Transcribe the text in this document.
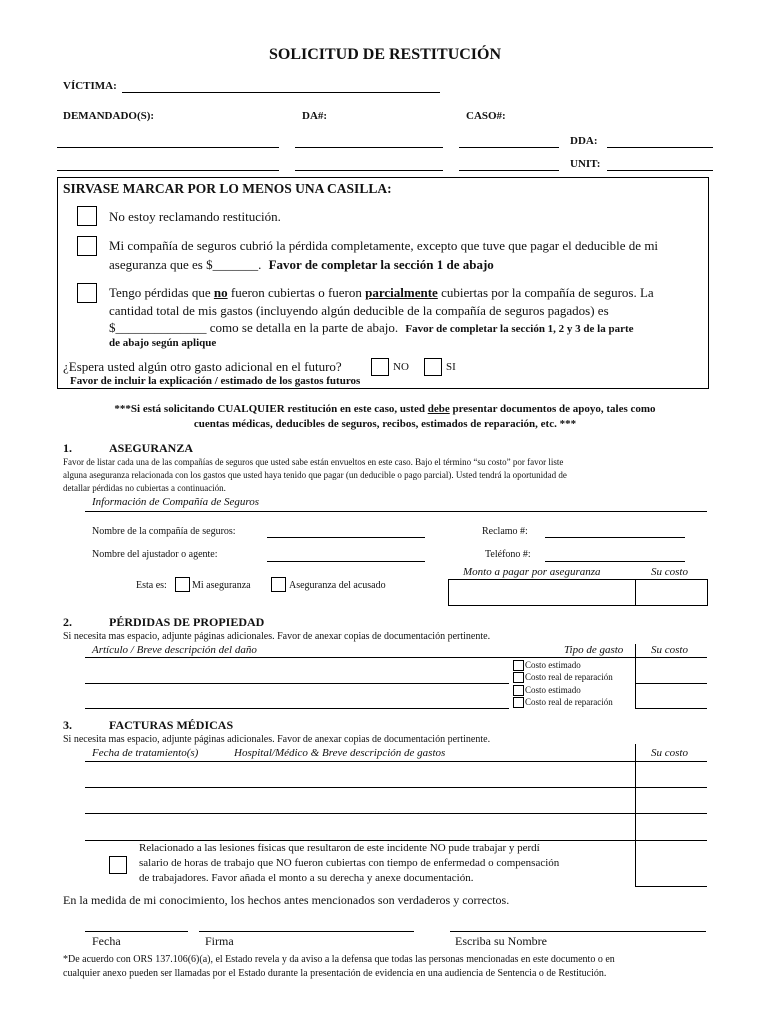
SOLICITUD DE RESTITUCIÓN
VÍCTIMA:
DEMANDADO(S):	DA#:	CASO#:
DDA:
UNIT:
SIRVASE MARCAR POR LO MENOS UNA CASILLA:
No estoy reclamando restitución.
Mi compañía de seguros cubrió la pérdida completamente, excepto que tuve que pagar el deducible de mi
aseguranza que es $_______. Favor de completar la sección 1 de abajo
Tengo pérdidas que no fueron cubiertas o fueron parcialmente cubiertas por la compañía de seguros. La
cantidad total de mis gastos (incluyendo algún deducible de la compañía de seguros pagados) es
$______________ como se detalla en la parte de abajo. Favor de completar la sección 1, 2 y 3 de la parte
de abajo según aplique
¿Espera usted algún otro gasto adicional en el futuro?	NO	SI
Favor de incluir la explicación / estimado de los gastos futuros
***Si está solicitando CUALQUIER restitución en este caso, usted debe presentar documentos de apoyo, tales como
cuentas médicas, deducibles de seguros, recibos, estimados de reparación, etc. ***
1.	ASEGURANZA
Favor de listar cada una de las compañías de seguros que usted sabe están envueltos en este caso. Bajo el término “su costo” por favor liste
alguna aseguranza relacionada con los gastos que usted haya tenido que pagar (un deducible o pago parcial). Usted tendrá la oportunidad de
detallar pérdidas no cubiertas a continuación.
Información de Compañía de Seguros
Nombre de la compañía de seguros:	Reclamo #:
Nombre del ajustador o agente:	Teléfono #:
Monto a pagar por aseguranza	Su costo
Esta es:	Mi aseguranza	Aseguranza del acusado
2.	PÉRDIDAS DE PROPIEDAD
Si necesita mas espacio, adjunte páginas adicionales. Favor de anexar copias de documentación pertinente.
Artículo / Breve descripción del daño	Tipo de gasto	Su costo
Costo estimado
Costo real de reparación
Costo estimado
Costo real de reparación
3.	FACTURAS MÉDICAS
Si necesita mas espacio, adjunte páginas adicionales. Favor de anexar copias de documentación pertinente.
Fecha de tratamiento(s)	Hospital/Médico & Breve descripción de gastos	Su costo
Relacionado a las lesiones físicas que resultaron de este incidente NO pude trabajar y perdí
salario de horas de trabajo que NO fueron cubiertas con tiempo de enfermedad o compensación
de trabajadores. Favor añada el monto a su derecha y anexe documentación.
En la medida de mi conocimiento, los hechos antes mencionados son verdaderos y correctos.
Fecha	Firma	Escriba su Nombre
*De acuerdo con ORS 137.106(6)(a), el Estado revela y da aviso a la defensa que todas las personas mencionadas en este documento o en
cualquier anexo pueden ser llamadas por el Estado durante la presentación de evidencia en una audiencia de Sentencia o de Restitución.
